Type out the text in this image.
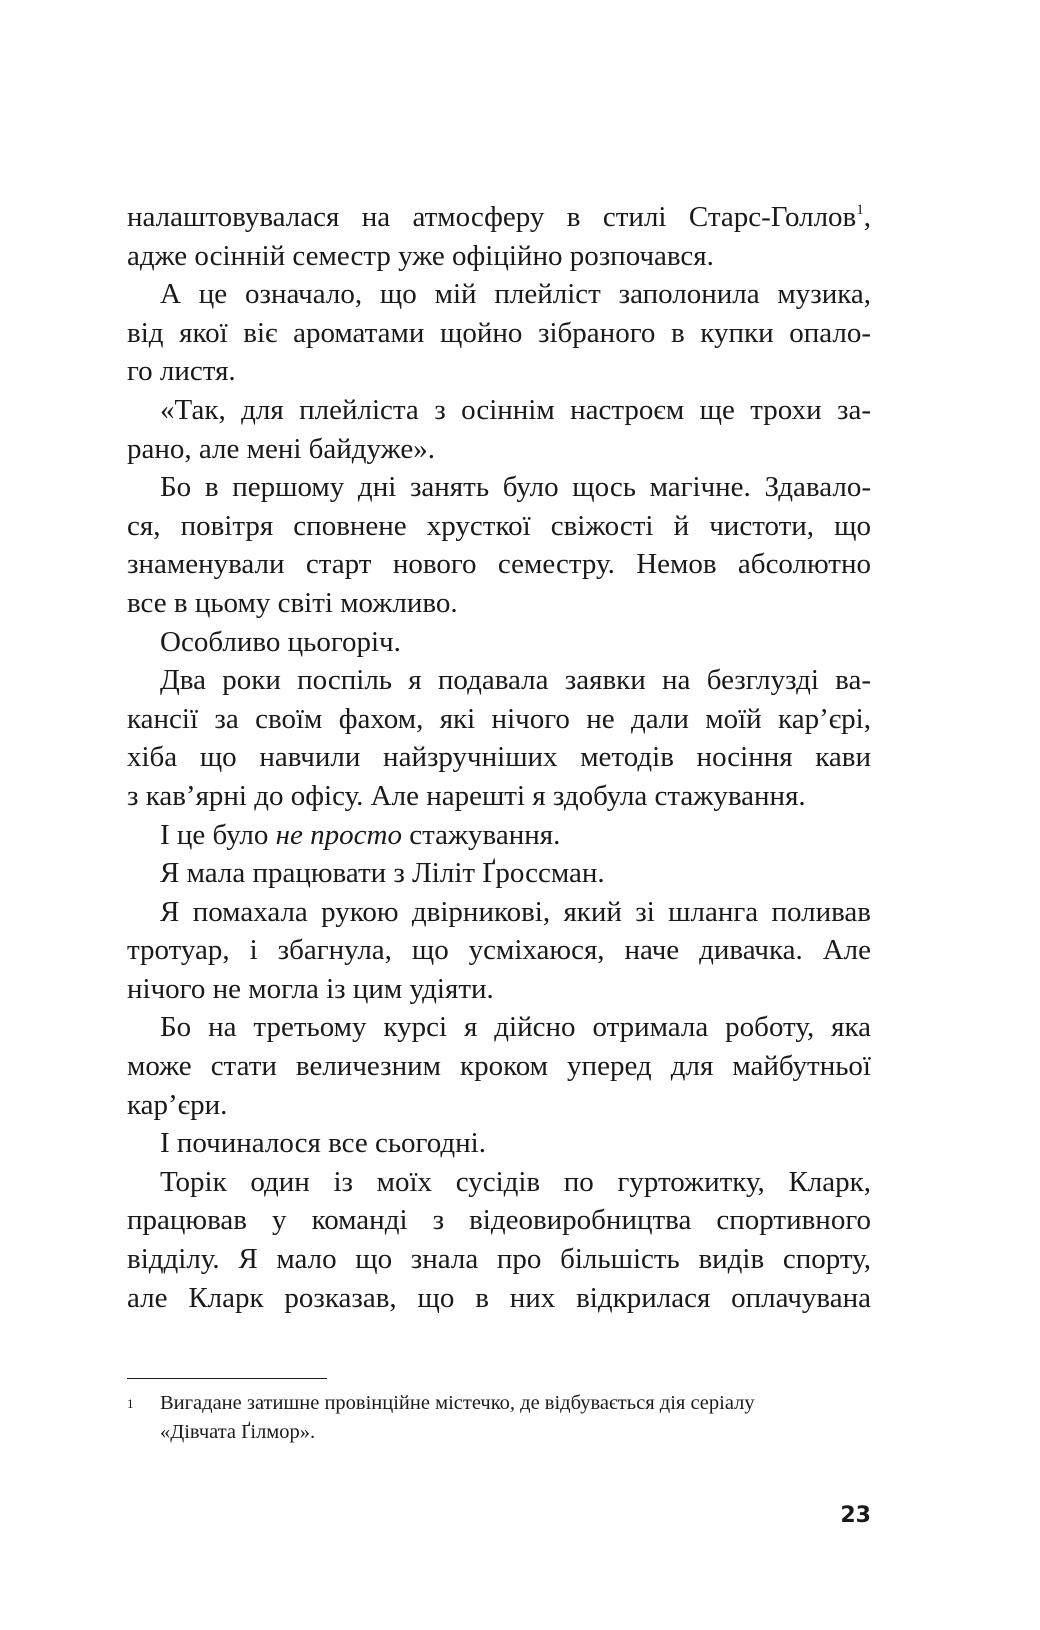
налаштовувалася на атмосферу в стилі Старс-Голлов$^1$,
адже осінній семестр уже офіційно розпочався.
А це означало, що мій плейліст заполонила музика,
від якої віє ароматами щойно зібраного в купки опало-
го листя.
«Так, для плейліста з осіннім настроєм ще трохи за-
рано, але мені байдуже».
Бо в першому дні занять було щось магічне. Здавало-
ся, повітря сповнене хрусткої свіжості й чистоти, що
знаменували старт нового семестру. Немов абсолютно
все в цьому світі можливо.
Особливо цьогоріч.
Два роки поспіль я подавала заявки на безглузді ва-
кансії за своїм фахом, які нічого не дали моїй кар’єрі,
хіба що навчили найзручніших методів носіння кави
з кав’ярні до офісу. Але нарешті я здобула стажування.
І це було не просто стажування.
Я мала працювати з Ліліт Ґроссман.
Я помахала рукою двірникові, який зі шланга поливав
тротуар, і збагнула, що усміхаюся, наче дивачка. Але
нічого не могла із цим удіяти.
Бо на третьому курсі я дійсно отримала роботу, яка
може стати величезним кроком уперед для майбутньої
кар’єри.
І починалося все сьогодні.
Торік один із моїх сусідів по гуртожитку, Кларк,
працював у команді з відеовиробництва спортивного
відділу. Я мало що знала про більшість видів спорту,
але Кларк розказав, що в них відкрилася оплачувана
1 Вигадане затишне провінційне містечко, де відбувається дія серіалу
«Дівчата Ґілмор».
23
